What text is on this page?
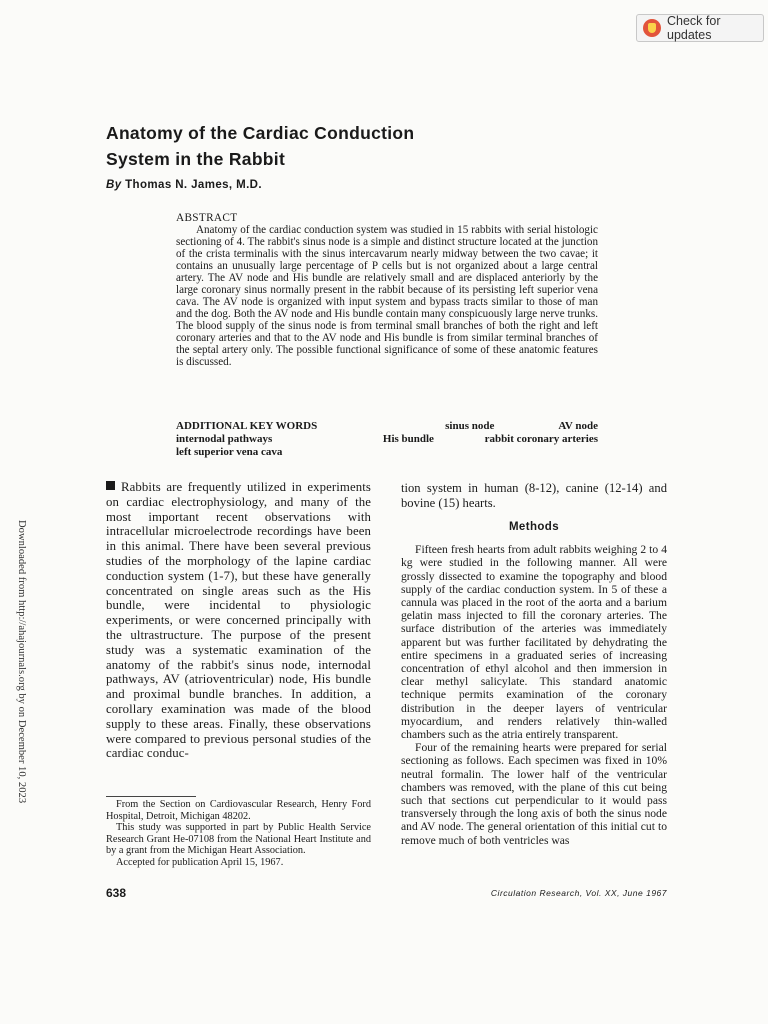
Check for updates
Anatomy of the Cardiac Conduction
System in the Rabbit
By Thomas N. James, M.D.
ABSTRACT

Anatomy of the cardiac conduction system was studied in 15 rabbits with serial histologic sectioning of 4. The rabbit's sinus node is a simple and distinct structure located at the junction of the crista terminalis with the sinus intercavarum nearly midway between the two cavae; it contains an unusually large percentage of P cells but is not organized about a large central artery. The AV node and His bundle are relatively small and are displaced anteriorly by the large coronary sinus normally present in the rabbit because of its persisting left superior vena cava. The AV node is organized with input system and bypass tracts similar to those of man and the dog. Both the AV node and His bundle contain many conspicuously large nerve trunks. The blood supply of the sinus node is from terminal small branches of both the right and left coronary arteries and that to the AV node and His bundle is from similar terminal branches of the septal artery only. The possible functional significance of some of these anatomic features is discussed.

ADDITIONAL KEY WORDS	sinus node	AV node
internodal pathways	His bundle	rabbit coronary arteries
left superior vena cava
Rabbits are frequently utilized in experiments on cardiac electrophysiology, and many of the most important recent observations with intracellular microelectrode recordings have been in this animal. There have been several previous studies of the morphology of the lapine cardiac conduction system (1-7), but these have generally concentrated on single areas such as the His bundle, were incidental to physiologic experiments, or were concerned principally with the ultrastructure. The purpose of the present study was a systematic examination of the anatomy of the rabbit's sinus node, internodal pathways, AV (atrioventricular) node, His bundle and proximal bundle branches. In addition, a corollary examination was made of the blood supply to these areas. Finally, these observations were compared to previous personal studies of the cardiac conduc-

tion system in human (8-12), canine (12-14) and bovine (15) hearts.

Methods

Fifteen fresh hearts from adult rabbits weighing 2 to 4 kg were studied in the following manner. All were grossly dissected to examine the topography and blood supply of the cardiac conduction system. In 5 of these a cannula was placed in the root of the aorta and a barium gelatin mass injected to fill the coronary arteries. The surface distribution of the arteries was immediately apparent but was further facilitated by dehydrating the entire specimens in a graduated series of increasing concentration of ethyl alcohol and then immersion in clear methyl salicylate. This standard anatomic technique permits examination of the coronary distribution in the deeper layers of ventricular myocardium, and renders relatively thin-walled chambers such as the atria entirely transparent.

Four of the remaining hearts were prepared for serial sectioning as follows. Each specimen was fixed in 10% neutral formalin. The lower half of the ventricular chambers was removed, with the plane of this cut being such that sections cut perpendicular to it would pass transversely through the long axis of both the sinus node and AV node. The general orientation of this initial cut to remove much of both ventricles was

From the Section on Cardiovascular Research, Henry Ford Hospital, Detroit, Michigan 48202.

This study was supported in part by Public Health Service Research Grant He-07108 from the National Heart Institute and by a grant from the Michigan Heart Association.

Accepted for publication April 15, 1967.

638	Circulation Research, Vol. XX, June 1967
Downloaded from http://ahajournals.org by on December 10, 2023
